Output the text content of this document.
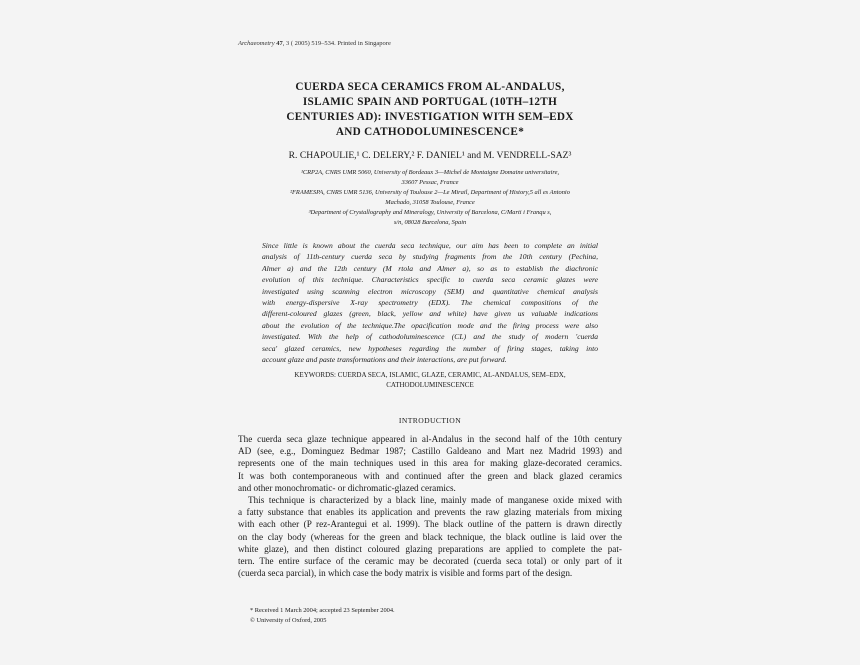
Archaeometry 47, 3 ( 2005) 519–534. Printed in Singapore
CUERDA SECA CERAMICS FROM AL-ANDALUS,
ISLAMIC SPAIN AND PORTUGAL (10TH–12TH
CENTURIES AD): INVESTIGATION WITH SEM–EDX
AND CATHODOLUMINESCENCE*
R. CHAPOULIE,¹ C. DELERY,² F. DANIEL¹ and M. VENDRELL-SAZ³
¹CRP2A, CNRS UMR 5060, University of Bordeaux 3—Michel de Montaigne Domaine universitaire,
33607 Pessac, France
²FRAMESPA, CNRS UMR 5136, University of Toulouse 2—Le Mirail, Department of History,5 all es Antonio
Machado, 31058 Toulouse, France
³Department of Crystallography and Mineralogy, University of Barcelona, C/Marti i Franqu s,
s/n, 08028 Barcelona, Spain
Since little is known about the cuerda seca technique, our aim has been to complete an initial
analysis of 11th-century cuerda seca by studying fragments from the 10th century (Pechina,
Almer a) and the 12th century (M rtola and Almer a), so as to establish the diachronic
evolution of this technique. Characteristics specific to cuerda seca ceramic glazes were
investigated using scanning electron microscopy (SEM) and quantitative chemical analysis
with energy-dispersive X-ray spectrometry (EDX). The chemical compositions of the
different-coloured glazes (green, black, yellow and white) have given us valuable indications
about the evolution of the technique.The opacification mode and the firing process were also
investigated. With the help of cathodoluminescence (CL) and the study of modern 'cuerda
seca' glazed ceramics, new hypotheses regarding the number of firing stages, taking into
account glaze and paste transformations and their interactions, are put forward.
KEYWORDS: CUERDA SECA, ISLAMIC, GLAZE, CERAMIC, AL-ANDALUS, SEM–EDX,
CATHODOLUMINESCENCE
INTRODUCTION
The cuerda seca glaze technique appeared in al-Andalus in the second half of the 10th century
AD (see, e.g., Dominguez Bedmar 1987; Castillo Galdeano and Mart nez Madrid 1993) and
represents one of the main techniques used in this area for making glaze-decorated ceramics.
It was both contemporaneous with and continued after the green and black glazed ceramics
and other monochromatic- or dichromatic-glazed ceramics.
This technique is characterized by a black line, mainly made of manganese oxide mixed with
a fatty substance that enables its application and prevents the raw glazing materials from mixing
with each other (P rez-Arantegui et al. 1999). The black outline of the pattern is drawn directly
on the clay body (whereas for the green and black technique, the black outline is laid over the
white glaze), and then distinct coloured glazing preparations are applied to complete the pat-
tern. The entire surface of the ceramic may be decorated (cuerda seca total) or only part of it
(cuerda seca parcial), in which case the body matrix is visible and forms part of the design.
* Received 1 March 2004; accepted 23 September 2004.
© University of Oxford, 2005
